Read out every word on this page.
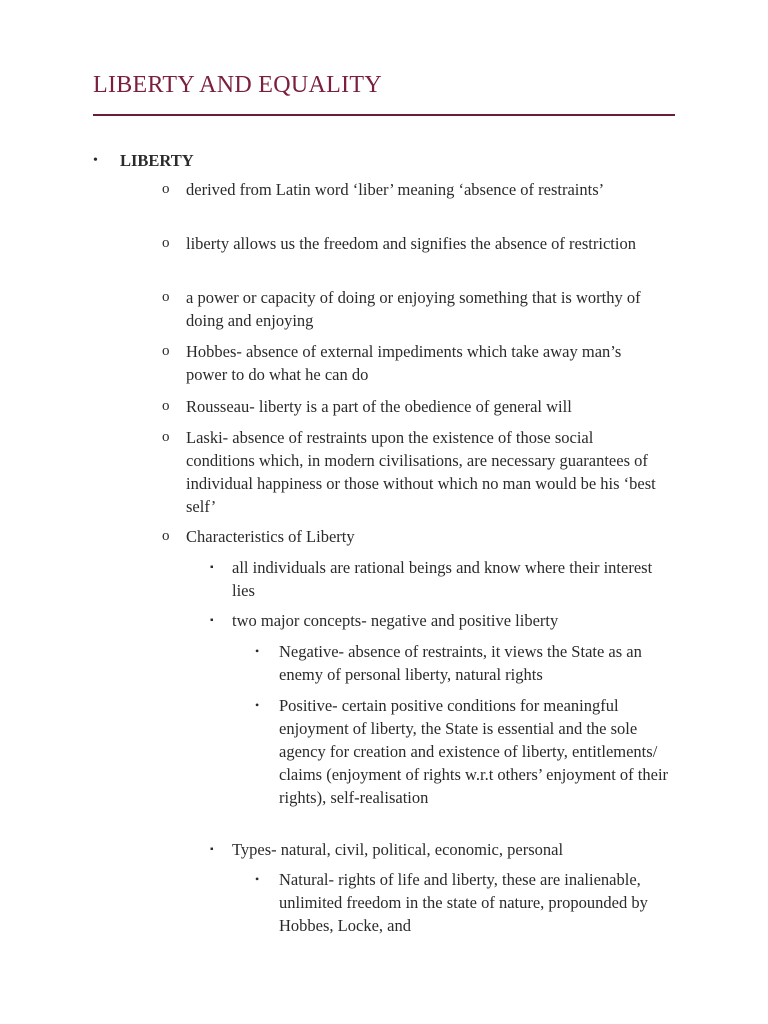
LIBERTY AND EQUALITY
• LIBERTY
o derived from Latin word ‘liber’ meaning ‘absence of restraints’
o liberty allows us the freedom and signifies the absence of restriction
o a power or capacity of doing or enjoying something that is worthy of doing and enjoying
o Hobbes- absence of external impediments which take away man’s power to do what he can do
o Rousseau- liberty is a part of the obedience of general will
o Laski- absence of restraints upon the existence of those social conditions which, in modern civilisations, are necessary guarantees of individual happiness or those without which no man would be his ‘best self’
o Characteristics of Liberty
▪ all individuals are rational beings and know where their interest lies
▪ two major concepts- negative and positive liberty
• Negative- absence of restraints, it views the State as an enemy of personal liberty, natural rights
• Positive- certain positive conditions for meaningful enjoyment of liberty, the State is essential and the sole agency for creation and existence of liberty, entitlements/ claims (enjoyment of rights w.r.t others’ enjoyment of their rights), self-realisation
▪ Types- natural, civil, political, economic, personal
• Natural- rights of life and liberty, these are inalienable, unlimited freedom in the state of nature, propounded by Hobbes, Locke, and
